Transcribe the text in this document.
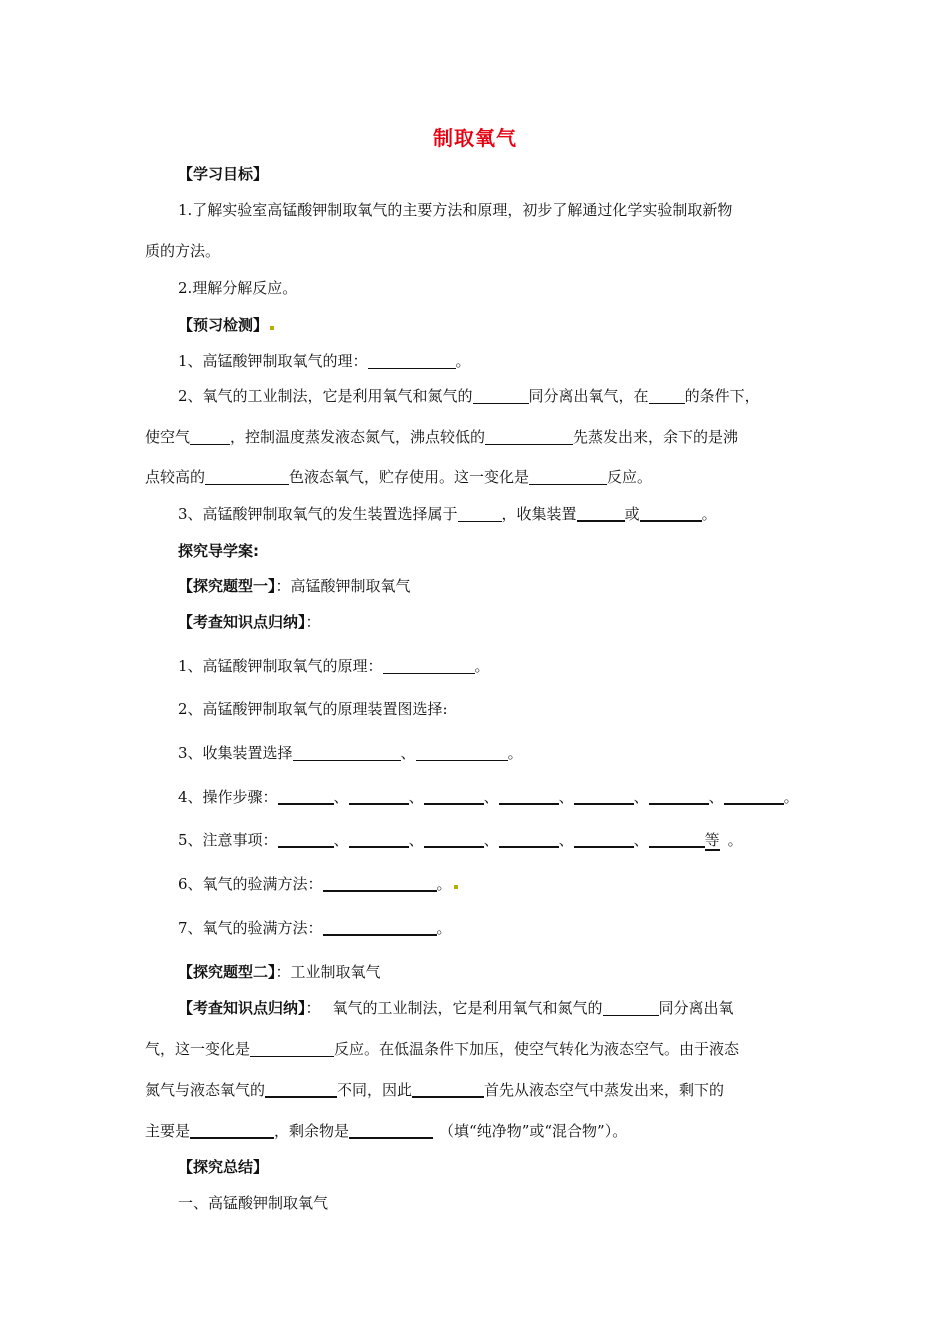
制取氧气
【学习目标】
1.了解实验室高锰酸钾制取氧气的主要方法和原理，初步了解通过化学实验制取新物
质的方法。
2.理解分解反应。
【预习检测】
1、高锰酸钾制取氧气的理：	。
2、氧气的工业制法，它是利用氧气和氮气的	同分离出氧气，在 的条件下，
使空气	，控制温度蒸发液态氮气，沸点较低的	先蒸发出来，余下的是沸
点较高的	色液态氧气，贮存使用。这一变化是	反应。
3、高锰酸钾制取氧气的发生装置选择属于	，收集装置	或	。
探究导学案:
【探究题型一】：高锰酸钾制取氧气
【考查知识点归纳】：
1、高锰酸钾制取氧气的原理：	。
2、高锰酸钾制取氧气的原理装置图选择:
3、收集装置选择	、	。
4、操作步骤：	、	、	、	、	、	、	。
5、注意事项：	、	、	、	、	、	等 。
6、氧气的验满方法：	。
7、氧气的验满方法：	。
【探究题型二】：工业制取氧气
【考查知识点归纳】： 氧气的工业制法，它是利用氧气和氮气的	同分离出氧
气，这一变化是	反应。在低温条件下加压，使空气转化为液态空气。由于液态
氮气与液态氧气的	不同，因此	首先从液态空气中蒸发出来，剩下的
主要是	，剩余物是	（填“纯净物”或“混合物”）。
【探究总结】
一、高锰酸钾制取氧气
